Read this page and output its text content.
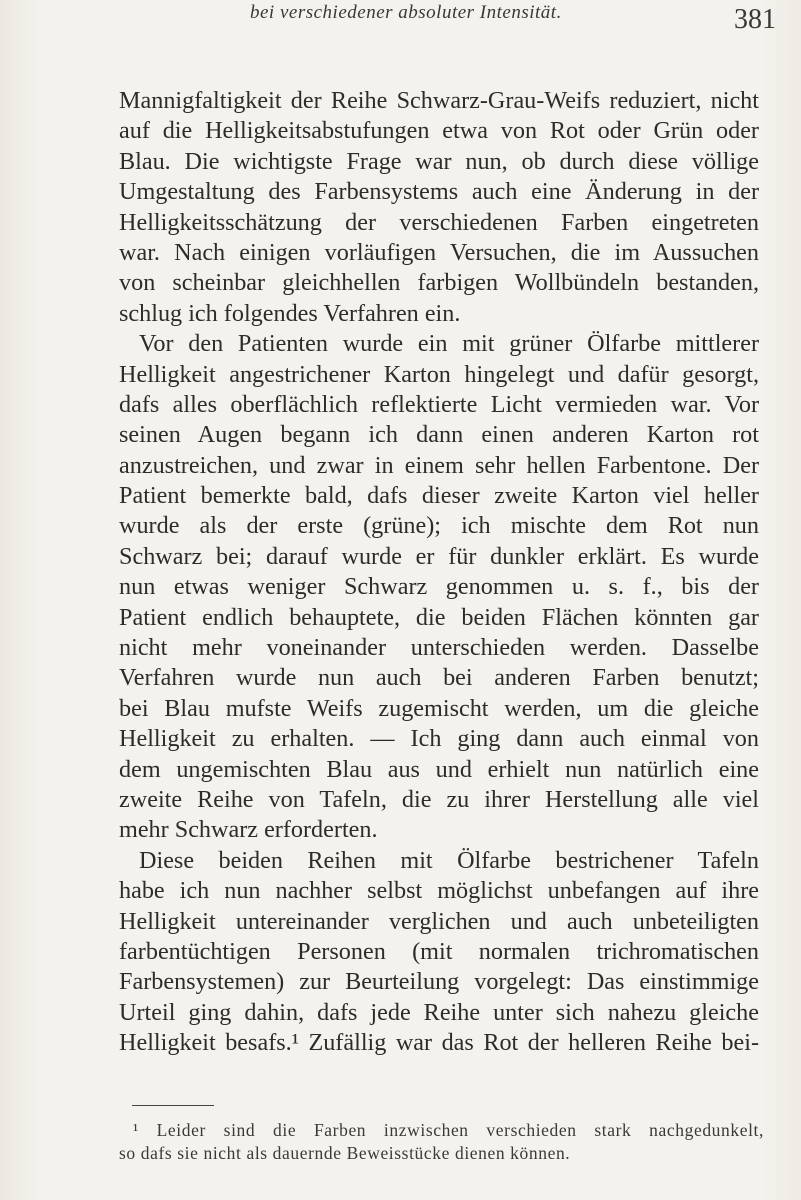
bei verschiedener absoluter Intensität.	381
Mannigfaltigkeit der Reihe Schwarz-Grau-Weifs reduziert, nicht
auf die Helligkeitsabstufungen etwa von Rot oder Grün oder
Blau. Die wichtigste Frage war nun, ob durch diese völlige
Umgestaltung des Farbensystems auch eine Änderung in der
Helligkeitsschätzung der verschiedenen Farben eingetreten
war. Nach einigen vorläufigen Versuchen, die im Aussuchen
von scheinbar gleichhellen farbigen Wollbündeln bestanden,
schlug ich folgendes Verfahren ein.
Vor den Patienten wurde ein mit grüner Ölfarbe mittlerer
Helligkeit angestrichener Karton hingelegt und dafür gesorgt,
dafs alles oberflächlich reflektierte Licht vermieden war. Vor
seinen Augen begann ich dann einen anderen Karton rot
anzustreichen, und zwar in einem sehr hellen Farbentone. Der
Patient bemerkte bald, dafs dieser zweite Karton viel heller
wurde als der erste (grüne); ich mischte dem Rot nun
Schwarz bei; darauf wurde er für dunkler erklärt. Es wurde
nun etwas weniger Schwarz genommen u. s. f., bis der
Patient endlich behauptete, die beiden Flächen könnten gar
nicht mehr voneinander unterschieden werden. Dasselbe
Verfahren wurde nun auch bei anderen Farben benutzt;
bei Blau mufste Weifs zugemischt werden, um die gleiche
Helligkeit zu erhalten. — Ich ging dann auch einmal von
dem ungemischten Blau aus und erhielt nun natürlich eine
zweite Reihe von Tafeln, die zu ihrer Herstellung alle viel
mehr Schwarz erforderten.
Diese beiden Reihen mit Ölfarbe bestrichener Tafeln
habe ich nun nachher selbst möglichst unbefangen auf ihre
Helligkeit untereinander verglichen und auch unbeteiligten
farbentüchtigen Personen (mit normalen trichromatischen
Farbensystemen) zur Beurteilung vorgelegt: Das einstimmige
Urteil ging dahin, dafs jede Reihe unter sich nahezu gleiche
Helligkeit besafs.¹ Zufällig war das Rot der helleren Reihe bei-
¹ Leider sind die Farben inzwischen verschieden stark nachgedunkelt,
so dafs sie nicht als dauernde Beweisstücke dienen können.
